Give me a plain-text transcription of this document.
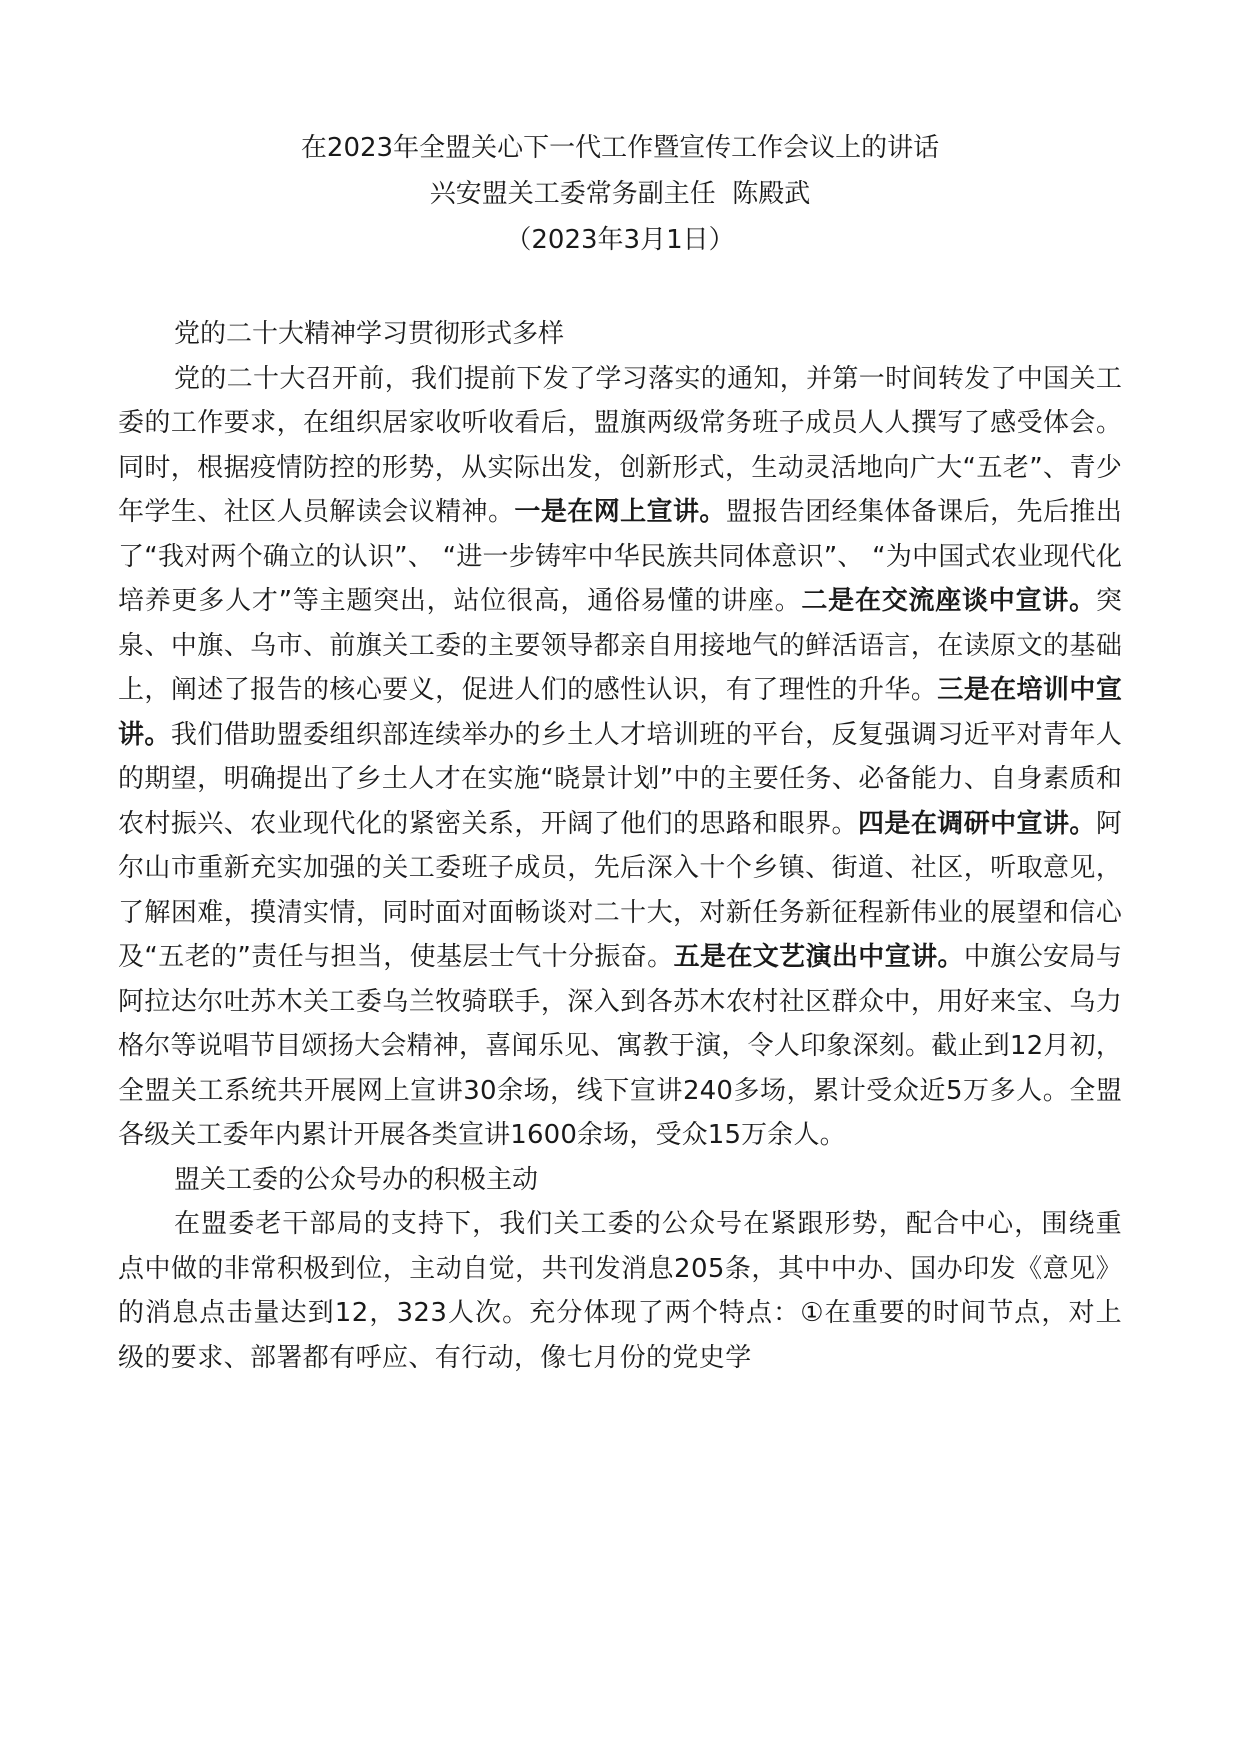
在2023年全盟关心下一代工作暨宣传工作会议上的讲话
兴安盟关工委常务副主任  陈殿武
（2023年3月1日）

党的二十大精神学习贯彻形式多样

党的二十大召开前，我们提前下发了学习落实的通知，并第一时间转发了中国关工委的工作要求，在组织居家收听收看后，盟旗两级常务班子成员人人撰写了感受体会。同时，根据疫情防控的形势，从实际出发，创新形式，生动灵活地向广大“五老”、青少年学生、社区人员解读会议精神。一是在网上宣讲。盟报告团经集体备课后，先后推出了“我对两个确立的认识”、 “进一步铸牢中华民族共同体意识”、 “为中国式农业现代化培养更多人才”等主题突出，站位很高，通俗易懂的讲座。二是在交流座谈中宣讲。突泉、中旗、乌市、前旗关工委的主要领导都亲自用接地气的鲜活语言，在读原文的基础上，阐述了报告的核心要义，促进人们的感性认识，有了理性的升华。三是在培训中宣讲。我们借助盟委组织部连续举办的乡土人才培训班的平台，反复强调习近平对青年人的期望，明确提出了乡土人才在实施“晓景计划”中的主要任务、必备能力、自身素质和农村振兴、农业现代化的紧密关系，开阔了他们的思路和眼界。四是在调研中宣讲。阿尔山市重新充实加强的关工委班子成员，先后深入十个乡镇、街道、社区，听取意见，了解困难，摸清实情，同时面对面畅谈对二十大，对新任务新征程新伟业的展望和信心及“五老的”责任与担当，使基层士气十分振奋。五是在文艺演出中宣讲。中旗公安局与阿拉达尔吐苏木关工委乌兰牧骑联手，深入到各苏木农村社区群众中，用好来宝、乌力格尔等说唱节目颂扬大会精神，喜闻乐见、寓教于演，令人印象深刻。截止到12月初，全盟关工系统共开展网上宣讲30余场，线下宣讲240多场，累计受众近5万多人。全盟各级关工委年内累计开展各类宣讲1600余场，受众15万余人。

盟关工委的公众号办的积极主动

在盟委老干部局的支持下，我们关工委的公众号在紧跟形势，配合中心，围绕重点中做的非常积极到位，主动自觉，共刊发消息205条，其中中办、国办印发《意见》的消息点击量达到12，323人次。充分体现了两个特点：①在重要的时间节点，对上级的要求、部署都有呼应、有行动，像七月份的党史学
